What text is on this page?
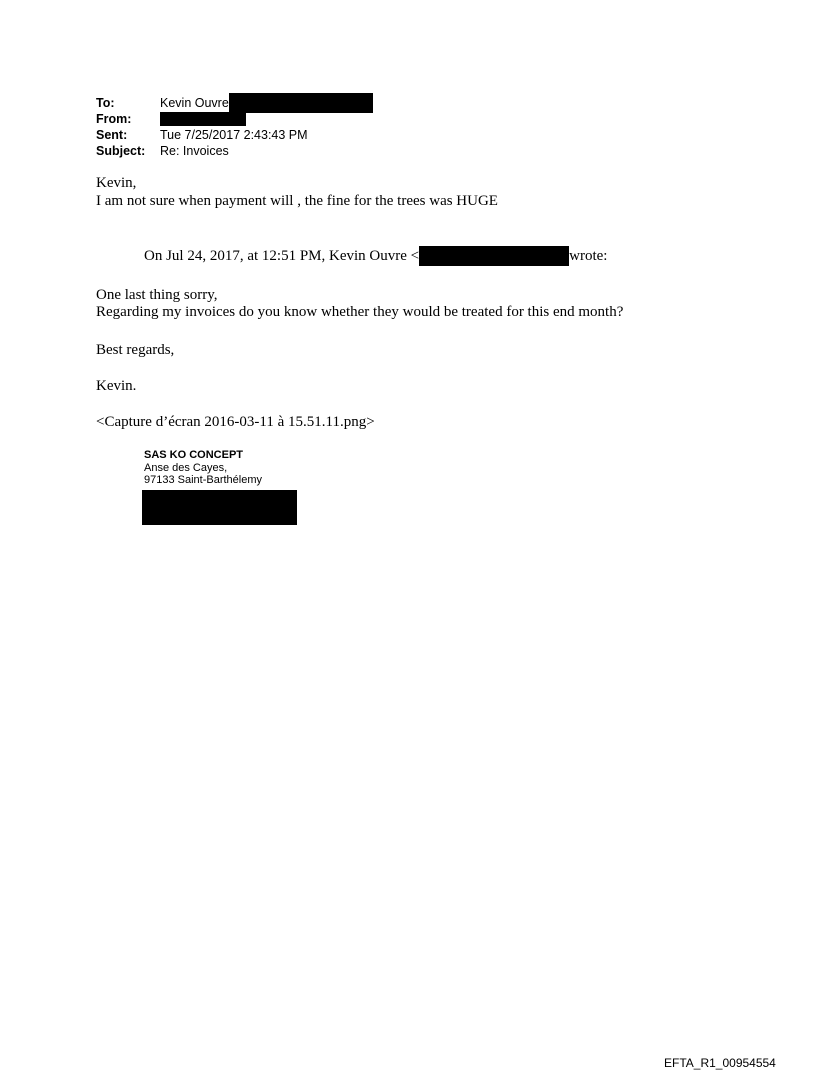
To:	Kevin Ouvre
From:
Sent:	Tue 7/25/2017 2:43:43 PM
Subject:	Re: Invoices
Kevin,
I am not sure when payment will , the fine for the trees was HUGE
On Jul 24, 2017, at 12:51 PM, Kevin Ouvre <	wrote:
One last thing sorry,
Regarding my invoices do you know whether they would be treated for this end month?
Best regards,
Kevin.
<Capture d’écran 2016-03-11 à 15.51.11.png>
SAS KO CONCEPT
Anse des Cayes,
97133 Saint-Barthélemy
EFTA_R1_00954554
